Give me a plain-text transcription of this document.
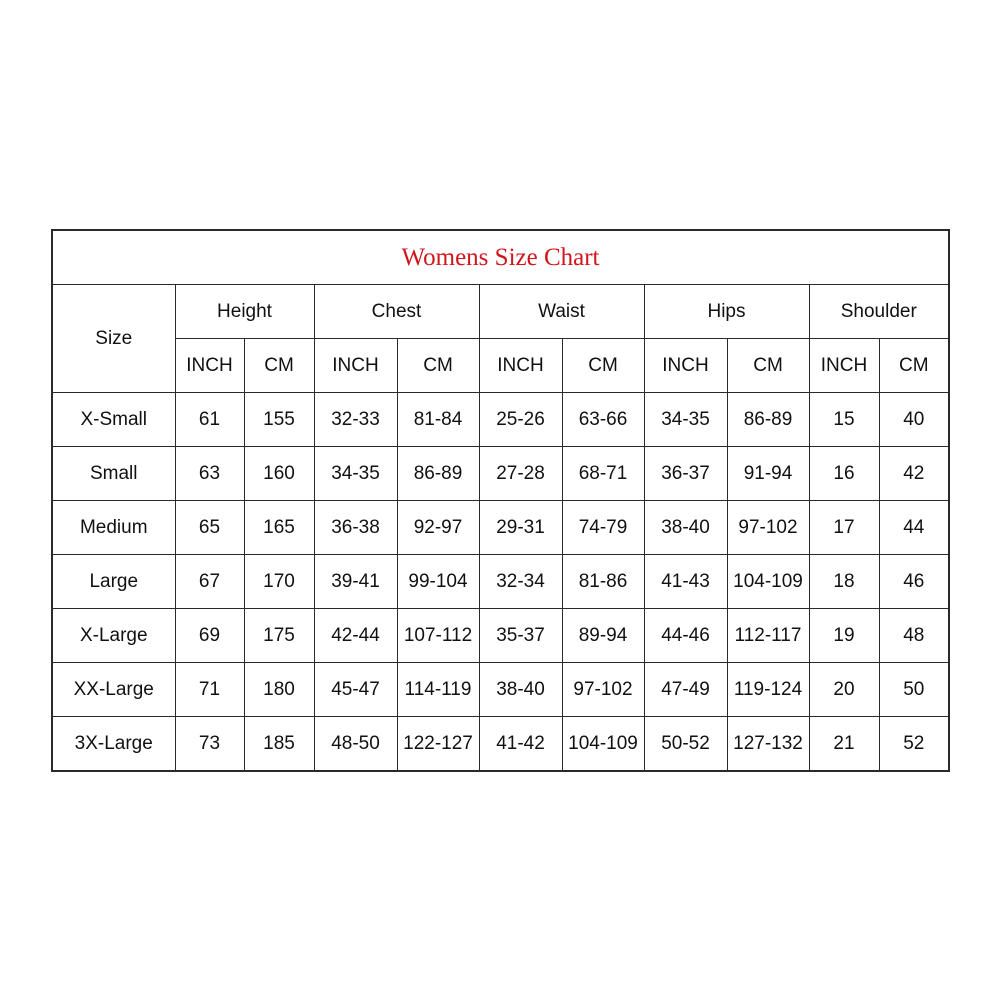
Womens Size Chart										
Size	Height		Chest		Waist		Hips		Shoulder	
	INCH	CM	INCH	CM	INCH	CM	INCH	CM	INCH	CM
X-Small	61	155	32-33	81-84	25-26	63-66	34-35	86-89	15	40
Small	63	160	34-35	86-89	27-28	68-71	36-37	91-94	16	42
Medium	65	165	36-38	92-97	29-31	74-79	38-40	97-102	17	44
Large	67	170	39-41	99-104	32-34	81-86	41-43	104-109	18	46
X-Large	69	175	42-44	107-112	35-37	89-94	44-46	112-117	19	48
XX-Large	71	180	45-47	114-119	38-40	97-102	47-49	119-124	20	50
3X-Large	73	185	48-50	122-127	41-42	104-109	50-52	127-132	21	52
